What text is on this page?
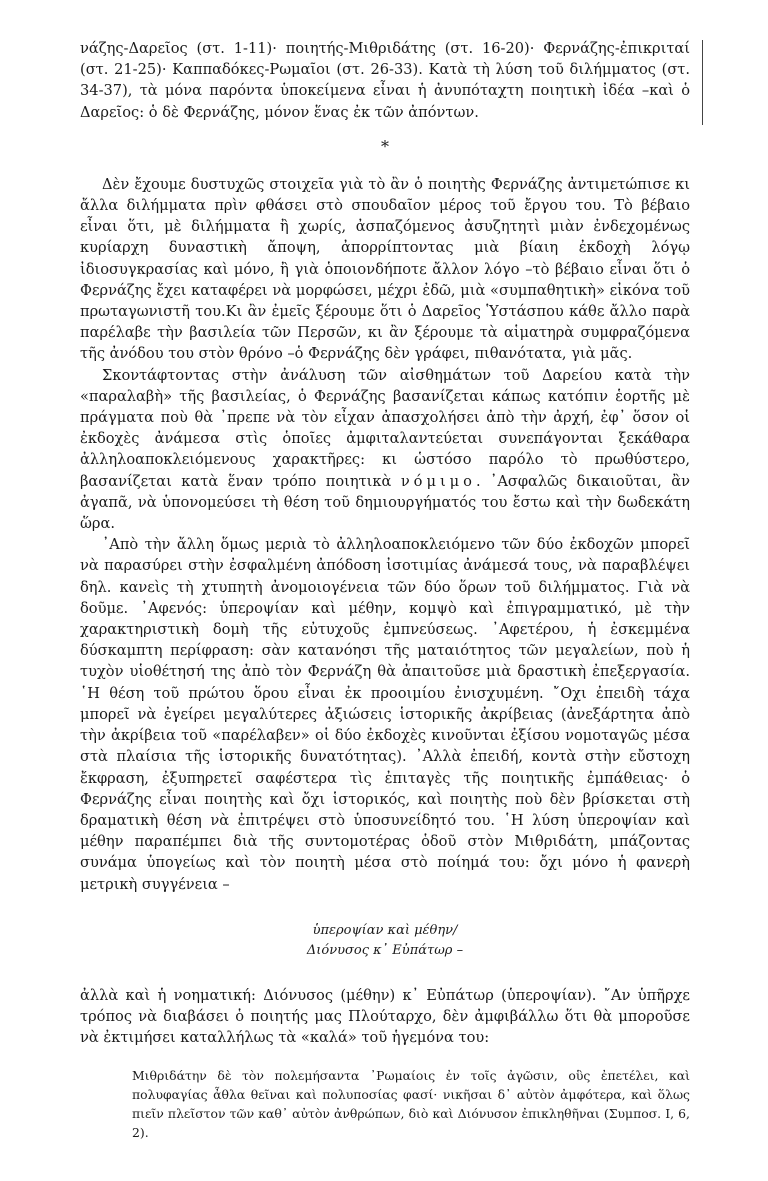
νάζης-Δαρεῖος (στ. 1-11)· ποιητής-Μιθριδάτης (στ. 16-20)· Φερνάζης-ἐπικριταί (στ. 21-25)· Καππαδόκες-Ρωμαῖοι (στ. 26-33). Κατὰ τὴ λύση τοῦ διλήμματος (στ. 34-37), τὰ μόνα παρόντα ὑποκείμενα εἶναι ἡ ἀνυπόταχτη ποιητικὴ ἰδέα –καὶ ὁ Δαρεῖος: ὁ δὲ Φερνάζης, μόνον ἕνας ἐκ τῶν ἀπόντων.

*

Δὲν ἔχουμε δυστυχῶς στοιχεῖα γιὰ τὸ ἂν ὁ ποιητὴς Φερνάζης ἀντιμετώπισε κι ἄλλα διλήμματα πρὶν φθάσει στὸ σπουδαῖον μέρος τοῦ ἔργου του. Τὸ βέβαιο εἶναι ὅτι, μὲ διλήμματα ἢ χωρίς, ἀσπαζόμενος ἀσυζητητὶ μιὰν ἐνδεχομένως κυρίαρχη δυναστικὴ ἄποψη, ἀπορρίπτοντας μιὰ βίαιη ἐκδοχὴ λόγῳ ἰδιοσυγκρασίας καὶ μόνο, ἢ γιὰ ὁποιονδήποτε ἄλλον λόγο –τὸ βέβαιο εἶναι ὅτι ὁ Φερνάζης ἔχει καταφέρει νὰ μορφώσει, μέχρι ἐδῶ, μιὰ «συμπαθητικὴ» εἰκόνα τοῦ πρωταγωνιστῆ του.Κι ἂν ἐμεῖς ξέρουμε ὅτι ὁ Δαρεῖος Ὑστάσπου κάθε ἄλλο παρὰ παρέλαβε τὴν βασιλεία τῶν Περσῶν, κι ἂν ξέρουμε τὰ αἱματηρὰ συμφραζόμενα τῆς ἀνόδου του στὸν θρόνο –ὁ Φερνάζης δὲν γράφει, πιθανότατα, γιὰ μᾶς.

Σκοντάφτοντας στὴν ἀνάλυση τῶν αἰσθημάτων τοῦ Δαρείου κατὰ τὴν «παραλαβὴ» τῆς βασιλείας, ὁ Φερνάζης βασανίζεται κάπως κατόπιν ἑορτῆς μὲ πράγματα ποὺ θὰ ᾿πρεπε νὰ τὸν εἶχαν ἀπασχολήσει ἀπὸ τὴν ἀρχή, ἐφ᾿ ὅσον οἱ ἐκδοχὲς ἀνάμεσα στὶς ὁποῖες ἀμφιταλαντεύεται συνεπάγονται ξεκάθαρα ἀλληλοαποκλειόμενους χαρακτῆρες: κι ὡστόσο παρόλο τὸ πρωθύστερο, βασανίζεται κατὰ ἕναν τρόπο ποιητικὰ νόμιμο. ᾿Ασφαλῶς δικαιοῦται, ἂν ἀγαπᾶ, νὰ ὑπονομεύσει τὴ θέση τοῦ δημιουργήματός του ἔστω καὶ τὴν δωδεκάτη ὥρα.

᾿Απὸ τὴν ἄλλη ὅμως μεριὰ τὸ ἀλληλοαποκλειόμενο τῶν δύο ἐκδοχῶν μπορεῖ νὰ παρασύρει στὴν ἐσφαλμένη ἀπόδοση ἰσοτιμίας ἀνάμεσά τους, νὰ παραβλέψει δηλ. κανεὶς τὴ χτυπητὴ ἀνομοιογένεια τῶν δύο ὅρων τοῦ διλήμματος. Γιὰ νὰ δοῦμε. ᾿Αφενός: ὑπεροψίαν καὶ μέθην, κομψὸ καὶ ἐπιγραμματικό, μὲ τὴν χαρακτηριστικὴ δομὴ τῆς εὐτυχοῦς ἐμπνεύσεως. ᾿Αφετέρου, ἡ ἐσκεμμένα δύσκαμπτη περίφραση: σὰν κατανόησι τῆς ματαιότητος τῶν μεγαλείων, ποὺ ἡ τυχὸν υἱοθέτησή της ἀπὸ τὸν Φερνάζη θὰ ἀπαιτοῦσε μιὰ δραστικὴ ἐπεξεργασία. ῾Η θέση τοῦ πρώτου ὅρου εἶναι ἐκ προοιμίου ἐνισχυμένη. ῎Οχι ἐπειδὴ τάχα μπορεῖ νὰ ἐγείρει μεγαλύτερες ἀξιώσεις ἱστορικῆς ἀκρίβειας (ἀνεξάρτητα ἀπὸ τὴν ἀκρίβεια τοῦ «παρέλαβεν» οἱ δύο ἐκδοχὲς κινοῦνται ἐξίσου νομοταγῶς μέσα στὰ πλαίσια τῆς ἱστορικῆς δυνατότητας). ᾿Αλλὰ ἐπειδή, κοντὰ στὴν εὔστοχη ἔκφραση, ἐξυπηρετεῖ σαφέστερα τὶς ἐπιταγὲς τῆς ποιητικῆς ἐμπάθειας· ὁ Φερνάζης εἶναι ποιητὴς καὶ ὄχι ἱστορικός, καὶ ποιητὴς ποὺ δὲν βρίσκεται στὴ δραματικὴ θέση νὰ ἐπιτρέψει στὸ ὑποσυνείδητό του. ῾Η λύση ὑπεροψίαν καὶ μέθην παραπέμπει διὰ τῆς συντομοτέρας ὁδοῦ στὸν Μιθριδάτη, μπάζοντας συνάμα ὑπογείως καὶ τὸν ποιητὴ μέσα στὸ ποίημά του: ὄχι μόνο ἡ φανερὴ μετρικὴ συγγένεια –

ὑπεροψίαν καὶ μέθην/
Διόνυσος κ᾿ Εὐπάτωρ –

ἀλλὰ καὶ ἡ νοηματική: Διόνυσος (μέθην) κ᾿ Εὐπάτωρ (ὑπεροψίαν). ῎Αν ὑπῆρχε τρόπος νὰ διαβάσει ὁ ποιητής μας Πλούταρχο, δὲν ἀμφιβάλλω ὅτι θὰ μποροῦσε νὰ ἐκτιμήσει καταλλήλως τὰ «καλά» τοῦ ἡγεμόνα του:

Μιθριδάτην δὲ τὸν πολεμήσαντα ᾿Ρωμαίοις ἐν τοῖς ἀγῶσιν, οὓς ἐπετέλει, καὶ πολυφαγίας ἆθλα θεῖναι καὶ πολυποσίας φασί· νικῆσαι δ᾿ αὐτὸν ἀμφότερα, καὶ ὅλως πιεῖν πλεῖστον τῶν καθ᾿ αὐτὸν ἀνθρώπων, διὸ καὶ Διόνυσον ἐπικληθῆναι (Συμποσ. I, 6, 2).
